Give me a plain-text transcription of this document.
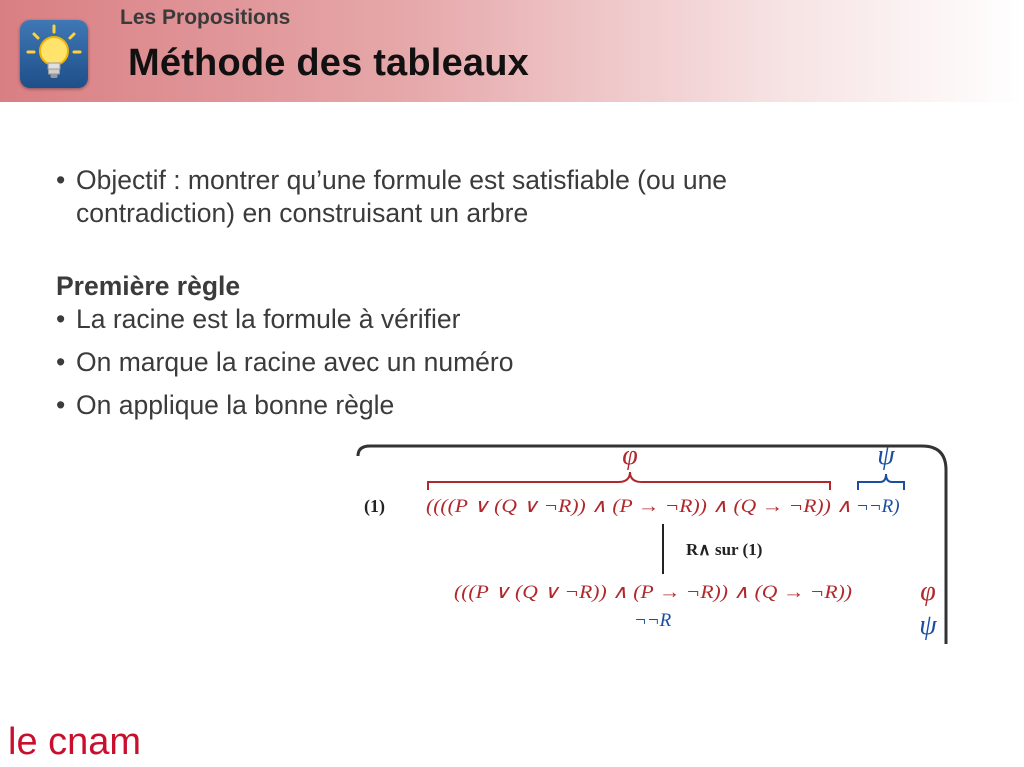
Les Propositions
Méthode des tableaux
• Objectif : montrer qu’une formule est satisfiable (ou une contradiction) en construisant un arbre
Première règle
• La racine est la formule à vérifier
• On marque la racine avec un numéro
• On applique la bonne règle
φ	ψ
(1) ((((P ∨ (Q ∨ ¬R)) ∧ (P → ¬R)) ∧ (Q → ¬R)) ∧ ¬¬R)
R∧ sur (1)
(((P ∨ (Q ∨ ¬R)) ∧ (P → ¬R)) ∧ (Q → ¬R))
¬¬R
φ
ψ
le cnam
